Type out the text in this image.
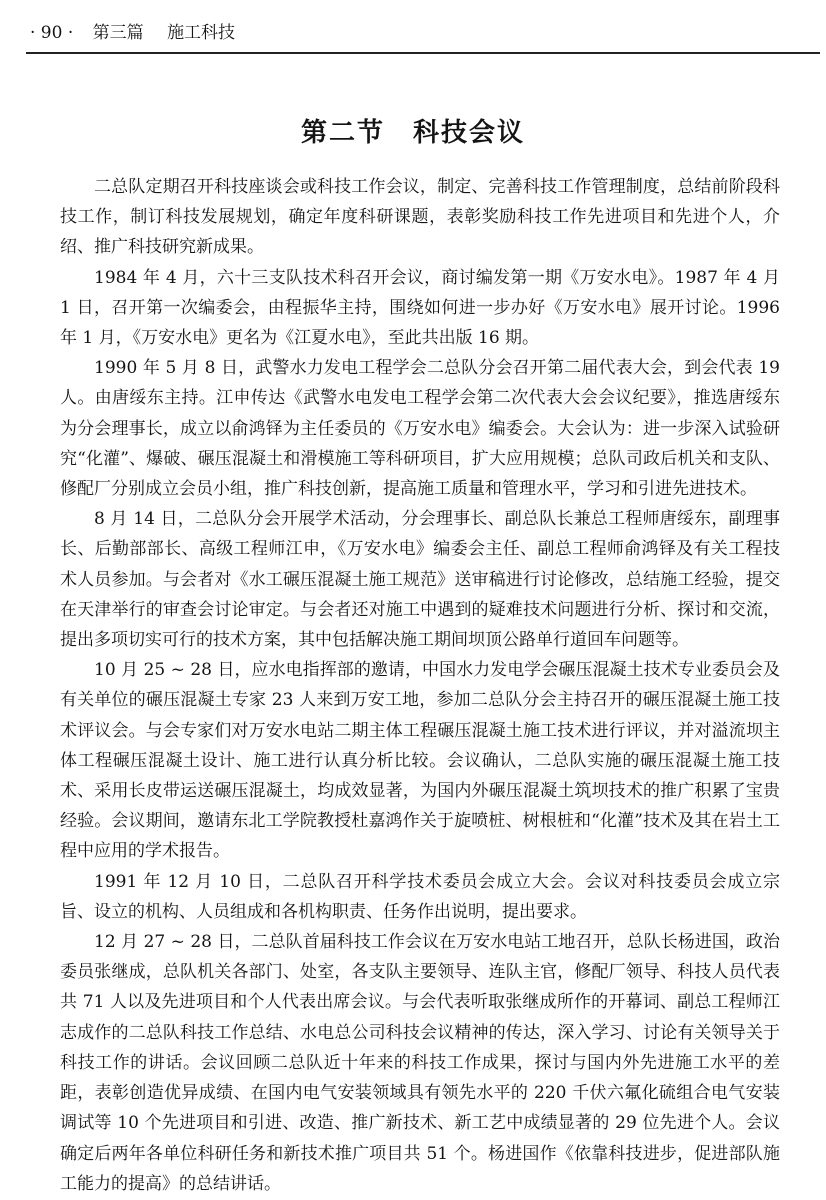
· 90 · 第三篇 施工科技
第二节　科技会议

二总队定期召开科技座谈会或科技工作会议，制定、完善科技工作管理制度，总结前阶段科技工作，制订科技发展规划，确定年度科研课题，表彰奖励科技工作先进项目和先进个人，介绍、推广科技研究新成果。

1984 年 4 月，六十三支队技术科召开会议，商讨编发第一期《万安水电》。1987 年 4 月 1 日，召开第一次编委会，由程振华主持，围绕如何进一步办好《万安水电》展开讨论。1996 年 1 月，《万安水电》更名为《江夏水电》，至此共出版 16 期。

1990 年 5 月 8 日，武警水力发电工程学会二总队分会召开第二届代表大会，到会代表 19 人。由唐绥东主持。江申传达《武警水电发电工程学会第二次代表大会会议纪要》，推选唐绥东为分会理事长，成立以俞鸿铎为主任委员的《万安水电》编委会。大会认为：进一步深入试验研究“化灌”、爆破、碾压混凝土和滑模施工等科研项目，扩大应用规模；总队司政后机关和支队、修配厂分别成立会员小组，推广科技创新，提高施工质量和管理水平，学习和引进先进技术。

8 月 14 日，二总队分会开展学术活动，分会理事长、副总队长兼总工程师唐绥东，副理事长、后勤部部长、高级工程师江申，《万安水电》编委会主任、副总工程师俞鸿铎及有关工程技术人员参加。与会者对《水工碾压混凝土施工规范》送审稿进行讨论修改，总结施工经验，提交在天津举行的审查会讨论审定。与会者还对施工中遇到的疑难技术问题进行分析、探讨和交流，提出多项切实可行的技术方案，其中包括解决施工期间坝顶公路单行道回车问题等。

10 月 25 ~ 28 日，应水电指挥部的邀请，中国水力发电学会碾压混凝土技术专业委员会及有关单位的碾压混凝土专家 23 人来到万安工地，参加二总队分会主持召开的碾压混凝土施工技术评议会。与会专家们对万安水电站二期主体工程碾压混凝土施工技术进行评议，并对溢流坝主体工程碾压混凝土设计、施工进行认真分析比较。会议确认，二总队实施的碾压混凝土施工技术、采用长皮带运送碾压混凝土，均成效显著，为国内外碾压混凝土筑坝技术的推广积累了宝贵经验。会议期间，邀请东北工学院教授杜嘉鸿作关于旋喷桩、树根桩和“化灌”技术及其在岩土工程中应用的学术报告。

1991 年 12 月 10 日，二总队召开科学技术委员会成立大会。会议对科技委员会成立宗旨、设立的机构、人员组成和各机构职责、任务作出说明，提出要求。

12 月 27 ~ 28 日，二总队首届科技工作会议在万安水电站工地召开，总队长杨进国，政治委员张继成，总队机关各部门、处室，各支队主要领导、连队主官，修配厂领导、科技人员代表共 71 人以及先进项目和个人代表出席会议。与会代表听取张继成所作的开幕词、副总工程师江志成作的二总队科技工作总结、水电总公司科技会议精神的传达，深入学习、讨论有关领导关于科技工作的讲话。会议回顾二总队近十年来的科技工作成果，探讨与国内外先进施工水平的差距，表彰创造优异成绩、在国内电气安装领域具有领先水平的 220 千伏六氟化硫组合电气安装调试等 10 个先进项目和引进、改造、推广新技术、新工艺中成绩显著的 29 位先进个人。会议确定后两年各单位科研任务和新技术推广项目共 51 个。杨进国作《依靠科技进步，促进部队施工能力的提高》的总结讲话。
